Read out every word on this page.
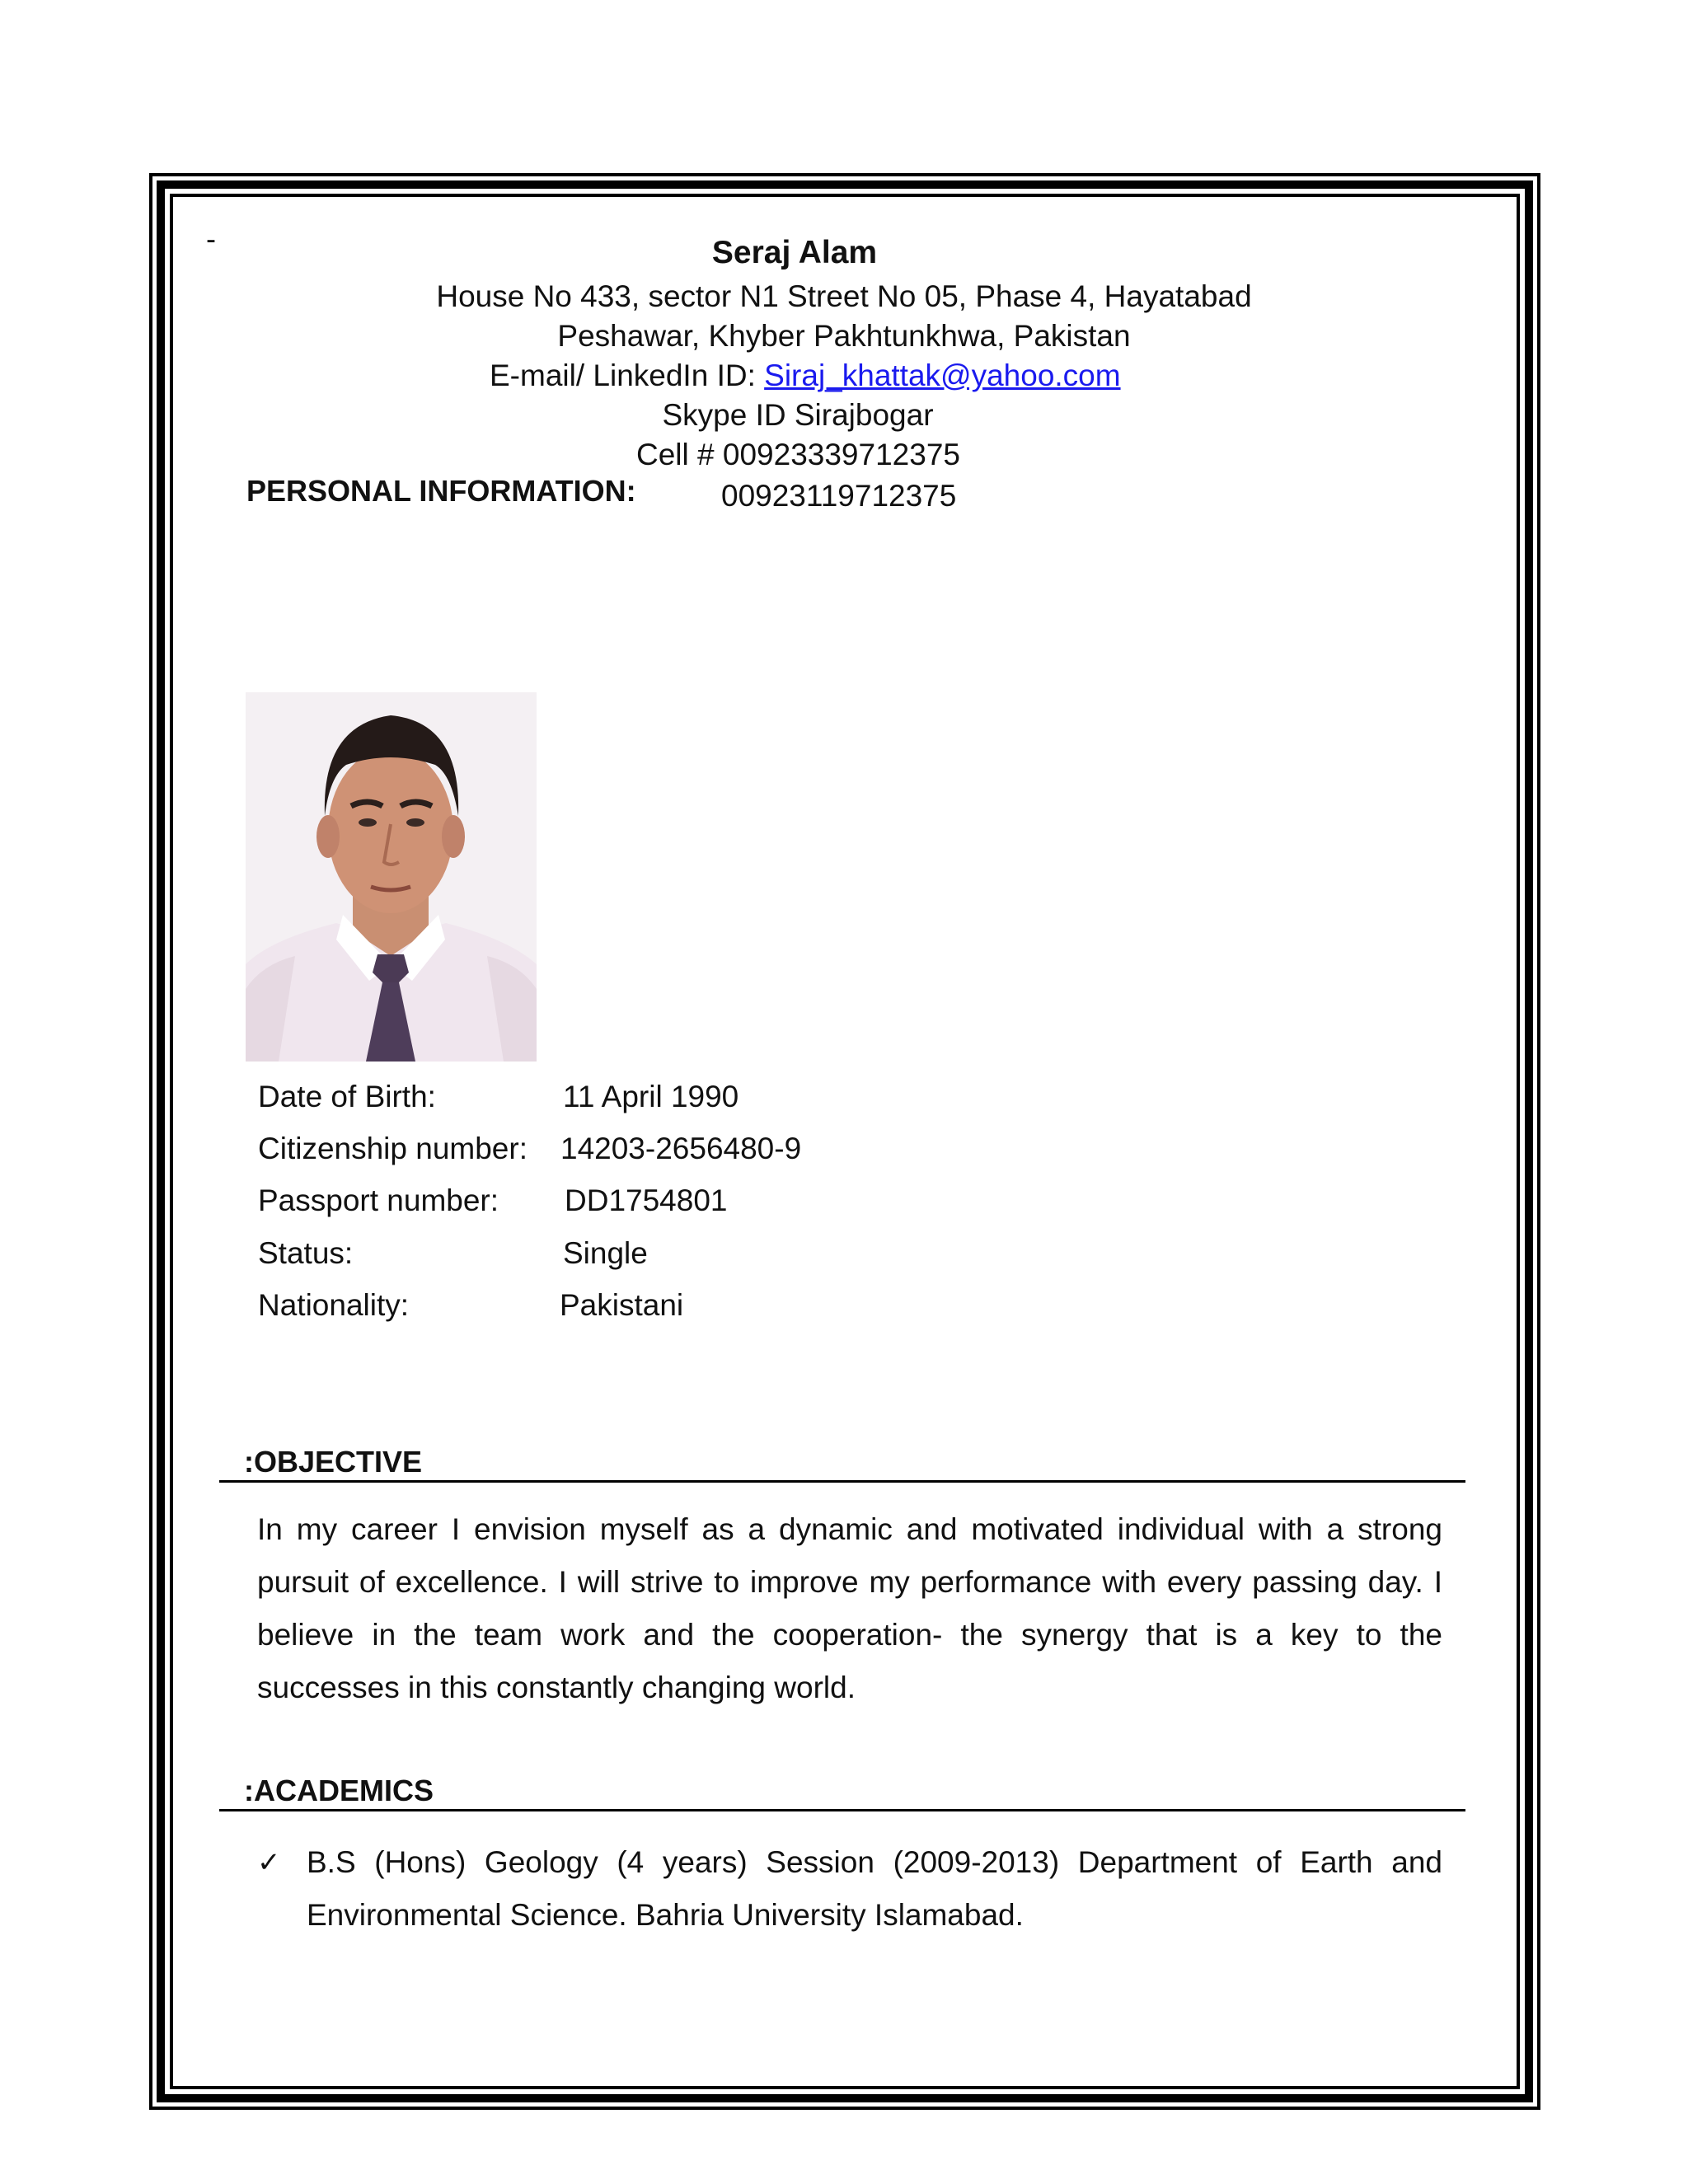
-	Seraj Alam
House No 433, sector N1 Street No 05, Phase 4, Hayatabad
Peshawar, Khyber Pakhtunkhwa, Pakistan
E-mail/ LinkedIn ID: Siraj_khattak@yahoo.com
Skype ID Sirajbogar
Cell # 00923339712375
PERSONAL INFORMATION:	00923119712375
Date of Birth:	11 April 1990
Citizenship number: 14203-2656480-9
Passport number: DD1754801
Status:	Single
Nationality:	Pakistani
:OBJECTIVE
In my career I envision myself as a dynamic and motivated individual with a strong pursuit of excellence. I will strive to improve my performance with every passing day. I believe in the team work and the cooperation- the synergy that is a key to the successes in this constantly changing world.
:ACADEMICS
✓ B.S (Hons) Geology (4 years) Session (2009-2013) Department of Earth and Environmental Science. Bahria University Islamabad.
